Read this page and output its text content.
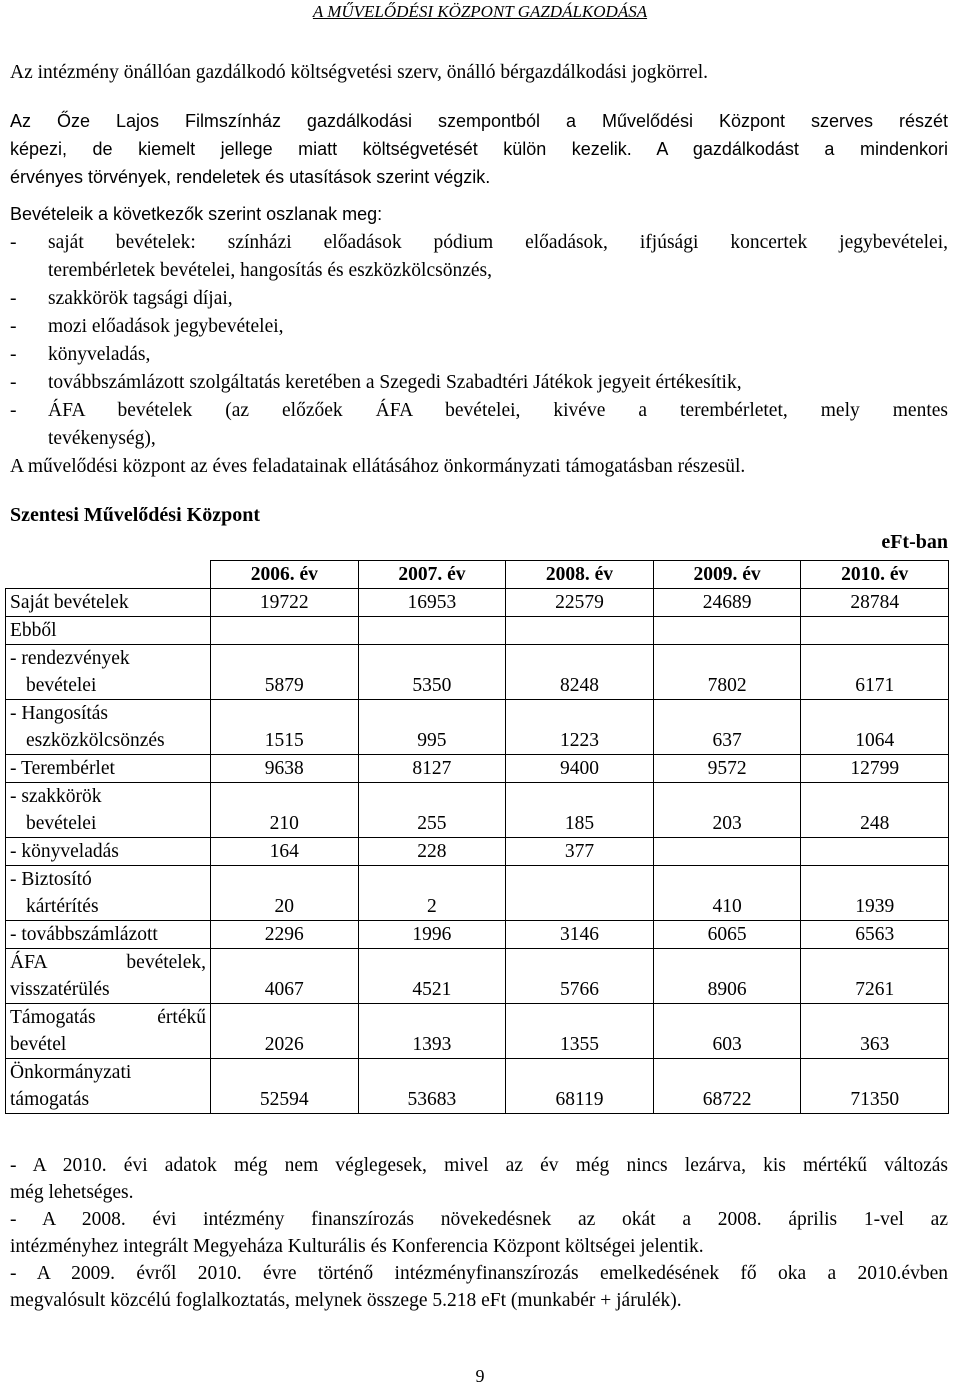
A MŰVELŐDÉSI KÖZPONT GAZDÁLKODÁSA
Az intézmény önállóan gazdálkodó költségvetési szerv, önálló bérgazdálkodási jogkörrel.
Az Őze Lajos Filmszínház gazdálkodási szempontból a Művelődési Központ szerves részét
képezi, de kiemelt jellege miatt költségvetését külön kezelik. A gazdálkodást a mindenkori
érvényes törvények, rendeletek és utasítások szerint végzik.
Bevételeik a következők szerint oszlanak meg:
- saját bevételek: színházi előadások pódium előadások, ifjúsági koncertek jegybevételei,
terembérletek bevételei, hangosítás és eszközkölcsönzés,
- szakkörök tagsági díjai,
- mozi előadások jegybevételei,
- könyveladás,
- továbbszámlázott szolgáltatás keretében a Szegedi Szabadtéri Játékok jegyeit értékesítik,
- ÁFA bevételek (az előzőek ÁFA bevételei, kivéve a terembérletet, mely mentes
tevékenység),
A művelődési központ az éves feladatainak ellátásához önkormányzati támogatásban részesül.
Szentesi Művelődési Központ
eFt-ban
	2006. év	2007. év	2008. év	2009. év	2010. év

Saját bevételek	19722	16953	22579	24689	28784

Ebből					

- rendezvények
bevételei	5879	5350	8248	7802	6171

- Hangosítás
eszközkölcsönzés	1515	995	1223	637	1064

- Terembérlet	9638	8127	9400	9572	12799

- szakkörök
bevételei	210	255	185	203	248

- könyveladás	164	228	377		

- Biztosító
kártérítés	20	2		410	1939

- továbbszámlázott	2296	1996	3146	6065	6563

ÁFA bevételek,
visszatérülés	4067	4521	5766	8906	7261

Támogatás értékű
bevétel	2026	1393	1355	603	363

Önkormányzati
támogatás	52594	53683	68119	68722	71350
- A 2010. évi adatok még nem véglegesek, mivel az év még nincs lezárva, kis mértékű változás
még lehetséges.
- A 2008. évi intézmény finanszírozás növekedésnek az okát a 2008. április 1-vel az
intézményhez integrált Megyeháza Kulturális és Konferencia Központ költségei jelentik.
- A 2009. évről 2010. évre történő intézményfinanszírozás emelkedésének fő oka a 2010.évben
megvalósult közcélú foglalkoztatás, melynek összege 5.218 eFt (munkabér + járulék).
9
